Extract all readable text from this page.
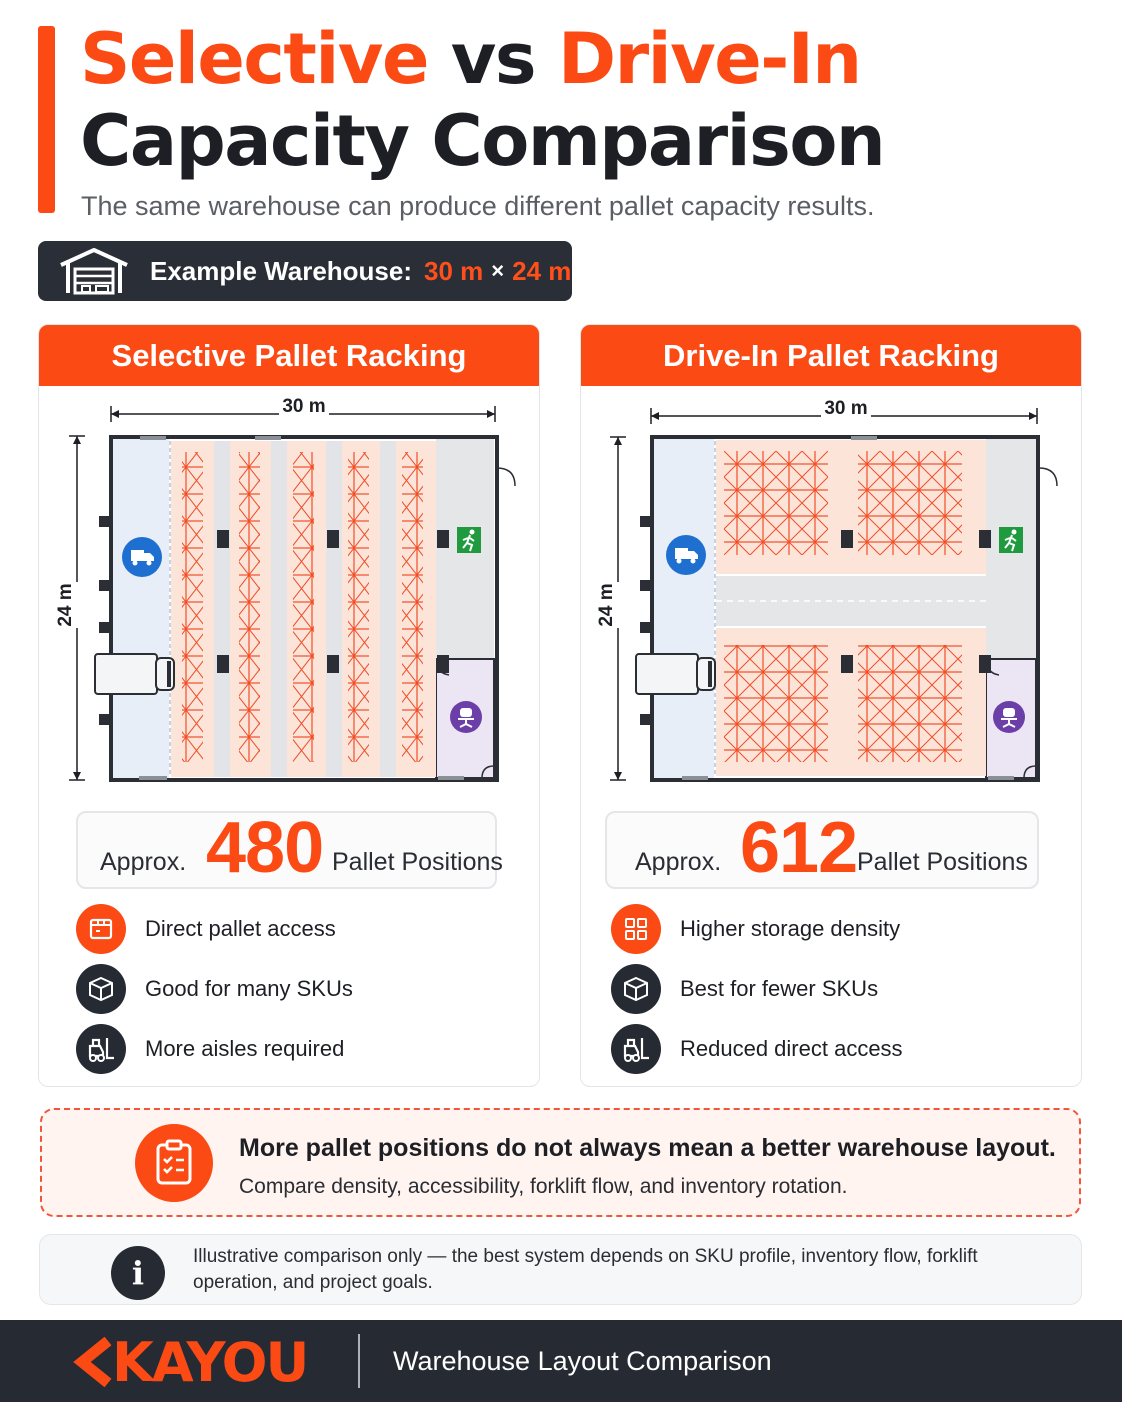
Selective vs Drive-In
Capacity Comparison
The same warehouse can produce different pallet capacity results.
Example Warehouse: 30 m × 24 m
Selective Pallet Racking
30 m
24 m
Approx. 480 Pallet Positions
Direct pallet access
Good for many SKUs
More aisles required
Drive-In Pallet Racking
30 m
24 m
Approx. 612 Pallet Positions
Higher storage density
Best for fewer SKUs
Reduced direct access
More pallet positions do not always mean a better warehouse layout.
Compare density, accessibility, forklift flow, and inventory rotation.
i	Illustrative comparison only — the best system depends on SKU profile, inventory flow, forklift operation, and project goals.
KAYOU	Warehouse Layout Comparison
